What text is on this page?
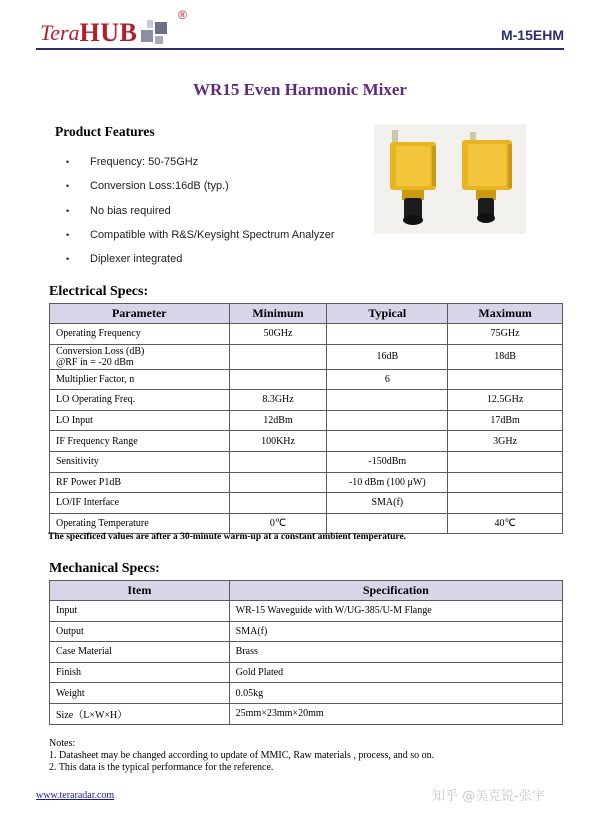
Tera HUB
®
M-15EHM
WR15 Even Harmonic Mixer
Product Features
•	Frequency: 50-75GHz
•	Conversion Loss:16dB (typ.)
•	No bias required
•	Compatible with R&S/Keysight Spectrum Analyzer
•	Diplexer integrated
Electrical Specs:
Parameter	Minimum	Typical	Maximum
Operating Frequency	50GHz		75GHz
Conversion Loss (dB)
@RF in = -20 dBm		16dB	18dB
Multiplier Factor, n		6	
LO Operating Freq.	8.3GHz		12.5GHz
LO Input	12dBm		17dBm
IF Frequency Range	100KHz		3GHz
Sensitivity		-150dBm	
RF Power P1dB		-10 dBm (100 μW)	
LO/IF Interface		SMA(f)	
Operating Temperature	0℃		40℃
The specificed values are after a 30-minute warm-up at a constant ambient temperature.
Mechanical Specs:
Item	Specification
Input	WR-15 Waveguide with W/UG-385/U-M Flange
Output	SMA(f)
Case Material	Brass
Finish	Gold Plated
Weight	0.05kg
Size（L×W×H）	25mm×23mm×20mm
Notes:
1. Datasheet may be changed according to update of MMIC, Raw materials , process, and so on.
2. This data is the typical performance for the reference.
www.teraradar.com	知乎 @美克锐-张宇
